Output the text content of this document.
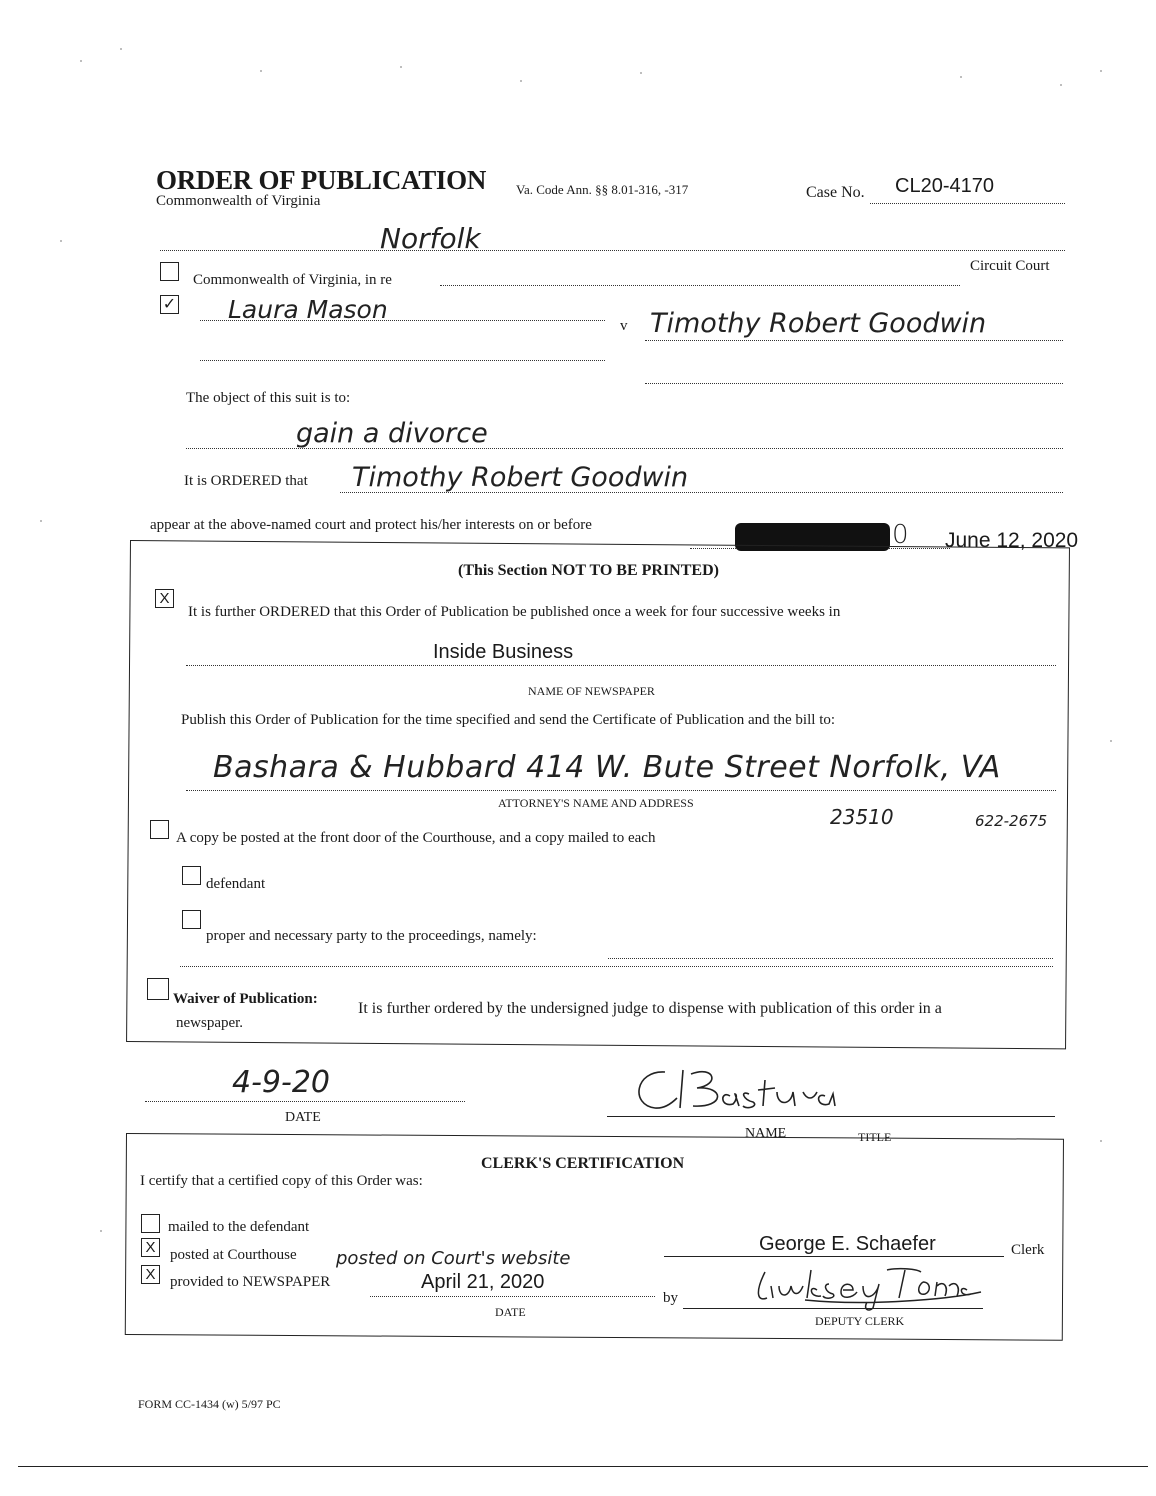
ORDER OF PUBLICATION Va. Code Ann. §§ 8.01-316, -317	Case No. CL20-4170
Commonwealth of Virginia
Norfolk
Commonwealth of Virginia, in re
Circuit Court
✓ Laura Mason
v Timothy Robert Goodwin
The object of this suit is to:
gain a divorce
It is ORDERED that Timothy Robert Goodwin
appear at the above-named court and protect his/her interests on or before	0 June 12, 2020
(This Section NOT TO BE PRINTED)
X
It is further ORDERED that this Order of Publication be published once a week for four successive weeks in
Inside Business
NAME OF NEWSPAPER
Publish this Order of Publication for the time specified and send the Certificate of Publication and the bill to:
Bashara & Hubbard 414 W. Bute Street Norfolk, VA
ATTORNEY'S NAME AND ADDRESS
23510	622-2675
A copy be posted at the front door of the Courthouse, and a copy mailed to each
defendant
proper and necessary party to the proceedings, namely:
Waiver of Publication:
It is further ordered by the undersigned judge to dispense with publication of this order in a
newspaper.
4-9-20
DATE
NAME	TITLE
CLERK'S CERTIFICATION
I certify that a certified copy of this Order was:
mailed to the defendant
X posted at Courthouse posted on Court's website
X provided to NEWSPAPER	April 21, 2020
DATE
by
George E. Schaefer	Clerk
DEPUTY CLERK
FORM CC-1434 (w) 5/97 PC
